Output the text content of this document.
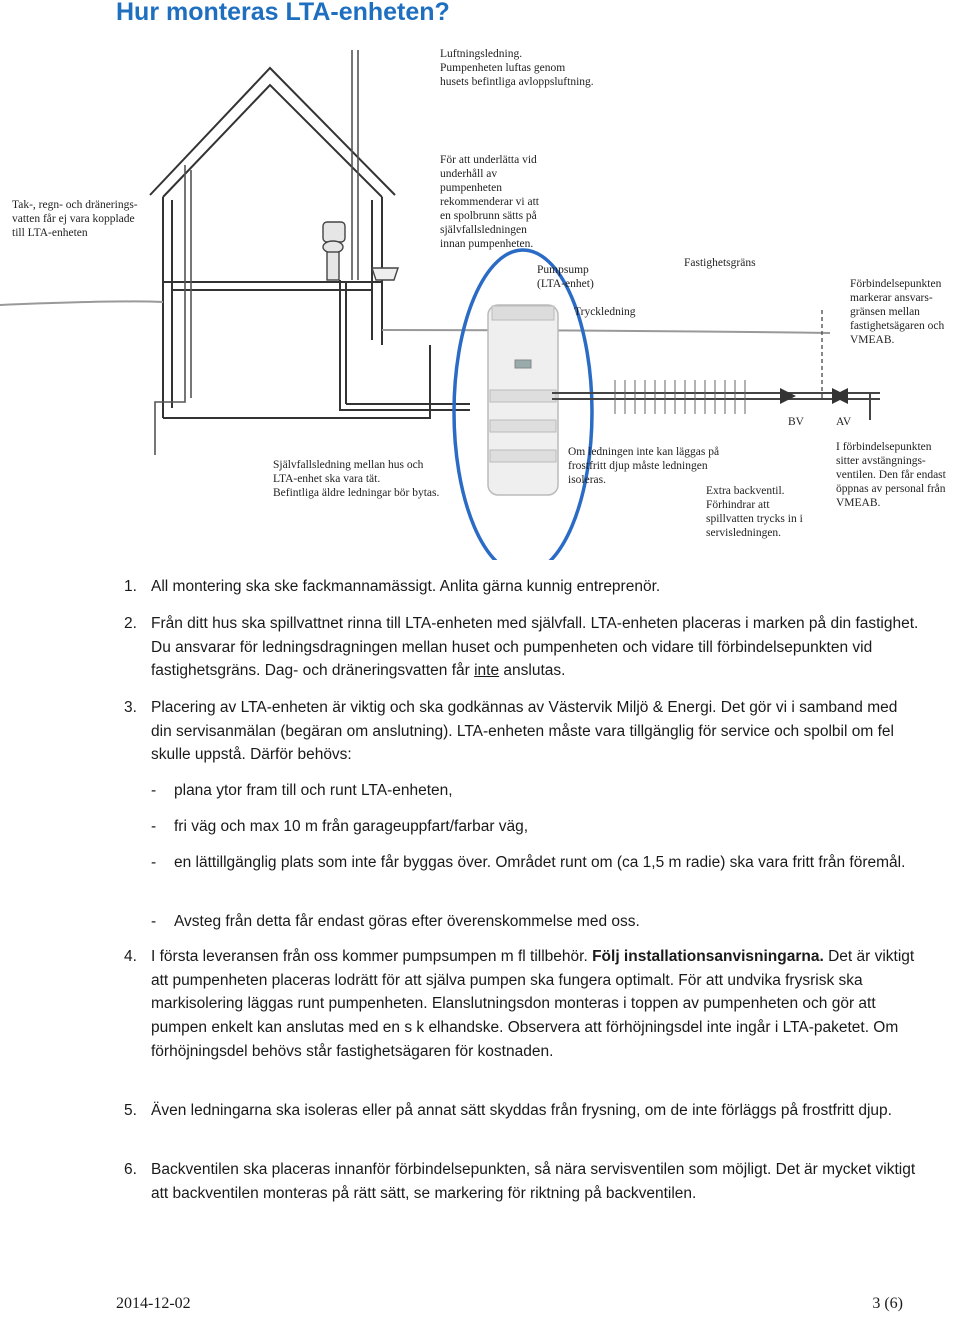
Hur monteras LTA-enheten?
Luftningsledning.
Pumpenheten luftas genom
husets befintliga avloppsluftning.
Tak-, regn- och dränerings-
vatten får ej vara kopplade
till LTA-enheten
För att underlätta vid
underhåll av
pumpenheten
rekommenderar vi att
en spolbrunn sätts på
självfallsledningen
innan pumpenheten.
Pumpsump
(LTA-enhet)
Tryckledning
Fastighetsgräns
Förbindelsepunkten
markerar ansvars-
gränsen mellan
fastighetsägaren och
VMEAB.
BV	AV
Självfallsledning mellan hus och
LTA-enhet ska vara tät.
Befintliga äldre ledningar bör bytas.
Om ledningen inte kan läggas på
frostfritt djup måste ledningen
isoleras.
I förbindelsepunkten
sitter avstängnings-
ventilen. Den får endast
öppnas av personal från
VMEAB.
Extra backventil.
Förhindrar att
spillvatten trycks in i
servisledningen.
1. All montering ska ske fackmannamässigt. Anlita gärna kunnig entreprenör.
2. Från ditt hus ska spillvattnet rinna till LTA-enheten med självfall. LTA-enheten placeras i marken på din fastighet. Du ansvarar för ledningsdragningen mellan huset och pumpenheten och vidare till förbindelsepunkten vid fastighetsgräns. Dag- och dräneringsvatten får inte anslutas.
3. Placering av LTA-enheten är viktig och ska godkännas av Västervik Miljö & Energi. Det gör vi i samband med din servisanmälan (begäran om anslutning). LTA-enheten måste vara tillgänglig för service och spolbil om fel skulle uppstå. Därför behövs:
- plana ytor fram till och runt LTA-enheten,
- fri väg och max 10 m från garageuppfart/farbar väg,
- en lättillgänglig plats som inte får byggas över. Området runt om (ca 1,5 m radie) ska vara fritt från föremål.
- Avsteg från detta får endast göras efter överenskommelse med oss.
4. I första leveransen från oss kommer pumpsumpen m fl tillbehör. Följ installationsanvisningarna. Det är viktigt att pumpenheten placeras lodrätt för att själva pumpen ska fungera optimalt. För att undvika frysrisk ska markisolering läggas runt pumpenheten. Elanslutningsdon monteras i toppen av pumpenheten och gör att pumpen enkelt kan anslutas med en s k elhandske. Observera att förhöjningsdel inte ingår i LTA-paketet. Om förhöjningsdel behövs står fastighetsägaren för kostnaden.
5. Även ledningarna ska isoleras eller på annat sätt skyddas från frysning, om de inte förläggs på frostfritt djup.
6. Backventilen ska placeras innanför förbindelsepunkten, så nära servisventilen som möjligt. Det är mycket viktigt att backventilen monteras på rätt sätt, se markering för riktning på backventilen.
2014-12-02	3 (6)
